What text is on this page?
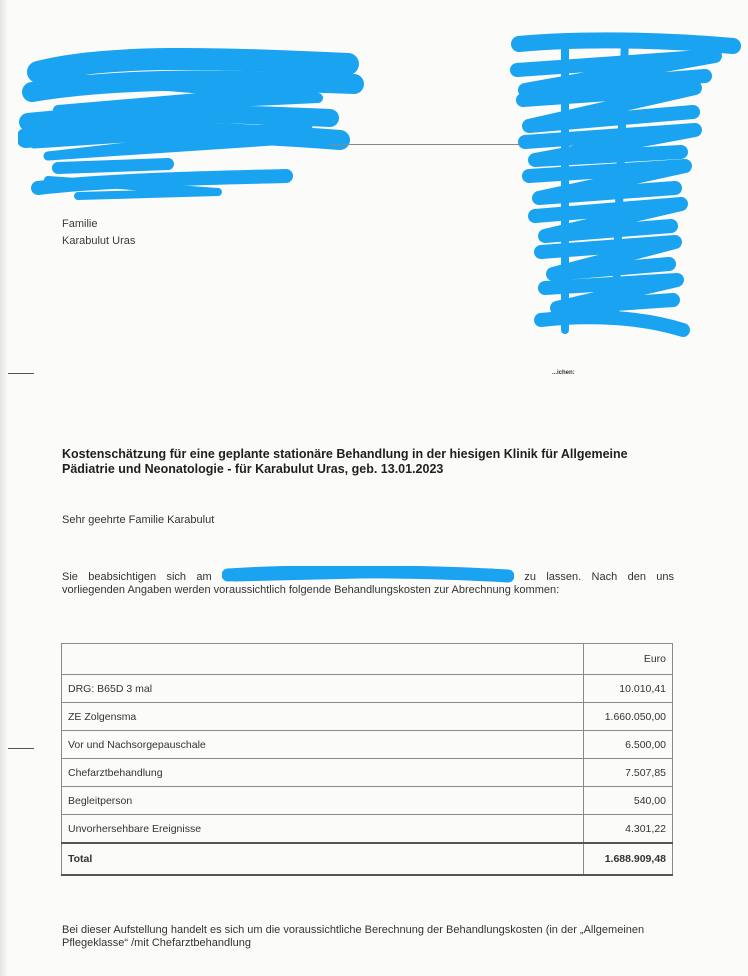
...ichen:
Familie
Karabulut Uras
Kostenschätzung für eine geplante stationäre Behandlung in der hiesigen Klinik für Allgemeine Pädiatrie und Neonatologie - für Karabulut Uras, geb. 13.01.2023
Sehr geehrte Familie Karabulut
Sie beabsichtigen sich am	zu lassen. Nach den uns vorliegenden Angaben werden voraussichtlich folgende Behandlungskosten zur Abrechnung kommen:
	Euro
DRG: B65D 3 mal	10.010,41
ZE Zolgensma	1.660.050,00
Vor und Nachsorgepauschale	6.500,00
Chefarztbehandlung	7.507,85
Begleitperson	540,00
Unvorhersehbare Ereignisse	4.301,22
Total	1.688.909,48
Bei dieser Aufstellung handelt es sich um die voraussichtliche Berechnung der Behandlungskosten (in der „Allgemeinen Pflegeklasse“ /mit Chefarztbehandlung
